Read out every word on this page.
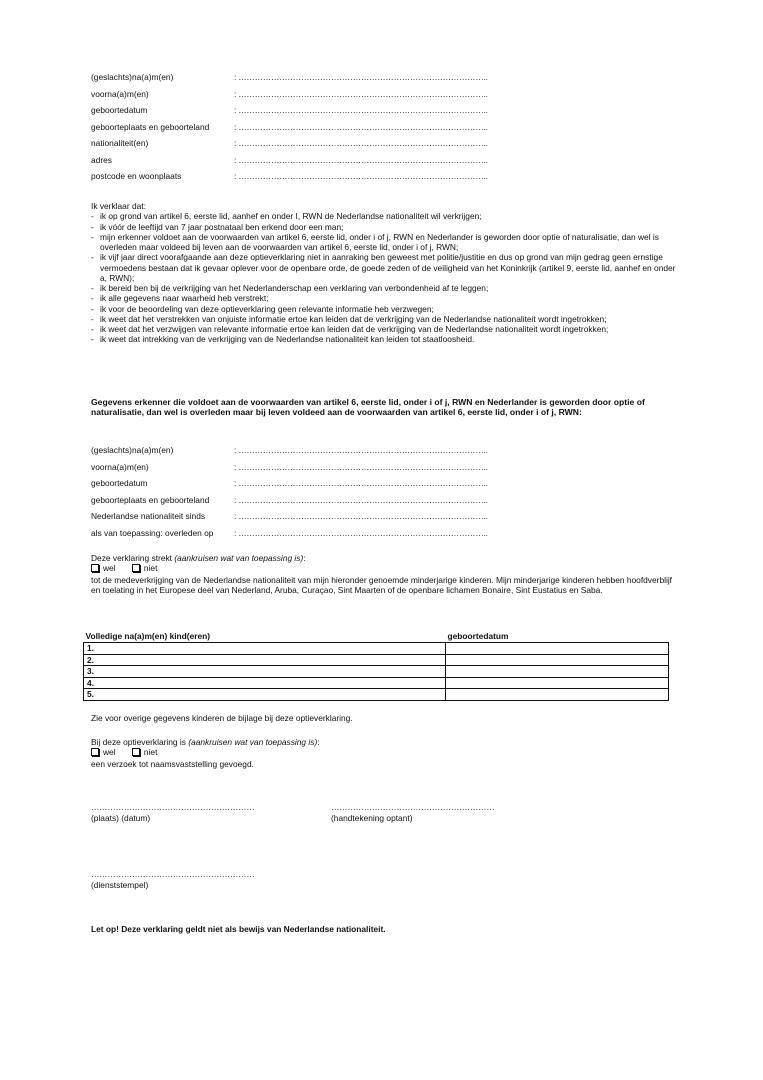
(geslachts)na(a)m(en)	: ………………………………………………………………………………..
voorna(a)m(en)	: ………………………………………………………………………………..
geboortedatum	: ………………………………………………………………………………..
geboorteplaats en geboorteland	: ………………………………………………………………………………..
nationaliteit(en)	: ………………………………………………………………………………..
adres	: ………………………………………………………………………………..
postcode en woonplaats	: ………………………………………………………………………………..
Ik verklaar dat:
- ik op grond van artikel 6, eerste lid, aanhef en onder I, RWN de Nederlandse nationaliteit wil verkrijgen;
- ik vóór de leeftijd van 7 jaar postnataal ben erkend door een man;
- mijn erkenner voldoet aan de voorwaarden van artikel 6, eerste lid, onder i of j, RWN en Nederlander is geworden door optie of naturalisatie, dan wel is overleden maar voldeed bij leven aan de voorwaarden van artikel 6, eerste lid, onder i of j, RWN;
- ik vijf jaar direct voorafgaande aan deze optieverklaring niet in aanraking ben geweest met politie/justitie en dus op grond van mijn gedrag geen ernstige vermoedens bestaan dat ik gevaar oplever voor de openbare orde, de goede zeden of de veiligheid van het Koninkrijk (artikel 9, eerste lid, aanhef en onder a, RWN);
- ik bereid ben bij de verkrijging van het Nederlanderschap een verklaring van verbondenheid af te leggen;
- ik alle gegevens naar waarheid heb verstrekt;
- ik voor de beoordeling van deze optieverklaring geen relevante informatie heb verzwegen;
- ik weet dat het verstrekken van onjuiste informatie ertoe kan leiden dat de verkrijging van de Nederlandse nationaliteit wordt ingetrokken;
- ik weet dat het verzwijgen van relevante informatie ertoe kan leiden dat de verkrijging van de Nederlandse nationaliteit wordt ingetrokken;
- ik weet dat intrekking van de verkrijging van de Nederlandse nationaliteit kan leiden tot staatloosheid.
Gegevens erkenner die voldoet aan de voorwaarden van artikel 6, eerste lid, onder i of j, RWN en Nederlander is geworden door optie of naturalisatie, dan wel is overleden maar bij leven voldeed aan de voorwaarden van artikel 6, eerste lid, onder i of j, RWN:
(geslachts)na(a)m(en)	: ………………………………………………………………………………..
voorna(a)m(en)	: ………………………………………………………………………………..
geboortedatum	: ………………………………………………………………………………..
geboorteplaats en geboorteland	: ………………………………………………………………………………..
Nederlandse nationaliteit sinds	: ………………………………………………………………………………..
als van toepassing: overleden op : ………………………………………………………………………………..
Deze verklaring strekt (aankruisen wat van toepassing is):
wel
	niet
tot de medeverkrijging van de Nederlandse nationaliteit van mijn hieronder genoemde minderjarige kinderen. Mijn minderjarige kinderen hebben hoofdverblijf en toelating in het Europese deel van Nederland, Aruba, Curaçao, Sint Maarten of de openbare lichamen Bonaire, Sint Eustatius en Saba.
Volledige na(a)m(en) kind(eren)	geboortedatum
1.	
2.	
3.	
4.	
5.	
Zie voor overige gegevens kinderen de bijlage bij deze optieverklaring.
Bij deze optieverklaring is (aankruisen wat van toepassing is):
wel
	niet
een verzoek tot naamsvaststelling gevoegd.
……………………………………………………
(plaats) (datum)
……………………………………………………
(handtekening optant)
……………………………………………………
(dienststempel)
Let op! Deze verklaring geldt niet als bewijs van Nederlandse nationaliteit.
